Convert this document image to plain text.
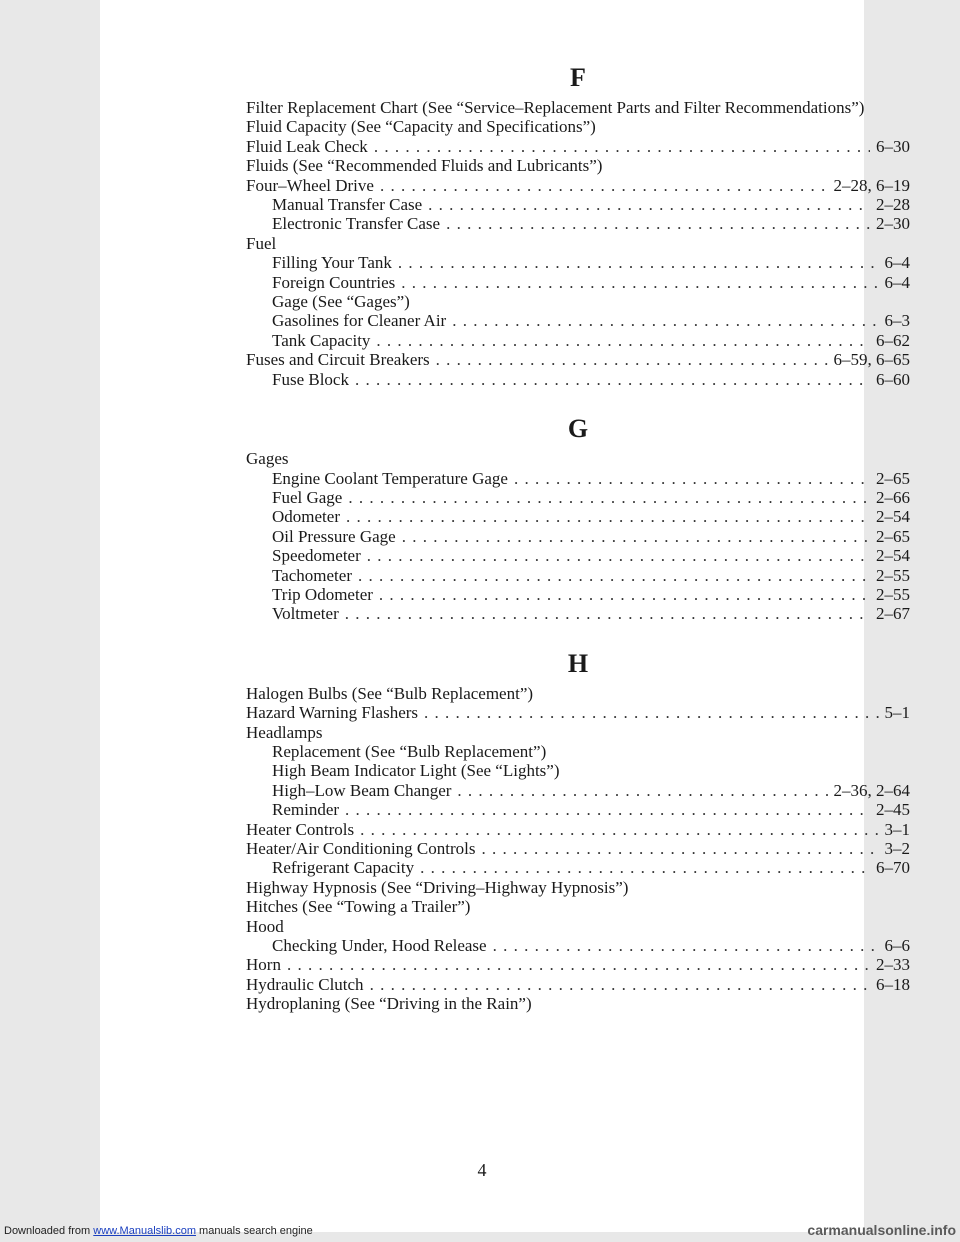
F
Filter Replacement Chart (See “Service–Replacement Parts and Filter Recommendations”)
Fluid Capacity (See “Capacity and Specifications”)
Fluid Leak Check . . .	6–30
Fluids (See “Recommended Fluids and Lubricants”)
Four–Wheel Drive . . .	2–28, 6–19
Manual Transfer Case . . .	2–28
Electronic Transfer Case . . .	2–30
Fuel
Filling Your Tank . . .	6–4
Foreign Countries . . .	6–4
Gage (See “Gages”)
Gasolines for Cleaner Air . . .	6–3
Tank Capacity . . .	6–62
Fuses and Circuit Breakers . . .	6–59, 6–65
Fuse Block . . .	6–60
G
Gages
Engine Coolant Temperature Gage . . .	2–65
Fuel Gage . . .	2–66
Odometer . . .	2–54
Oil Pressure Gage . . .	2–65
Speedometer . . .	2–54
Tachometer . . .	2–55
Trip Odometer . . .	2–55
Voltmeter . . .	2–67
H
Halogen Bulbs (See “Bulb Replacement”)
Hazard Warning Flashers . . .	5–1
Headlamps
Replacement (See “Bulb Replacement”)
High Beam Indicator Light (See “Lights”)
High–Low Beam Changer . . .	2–36, 2–64
Reminder . . .	2–45
Heater Controls . . .	3–1
Heater/Air Conditioning Controls . . .	3–2
Refrigerant Capacity . . .	6–70
Highway Hypnosis (See “Driving–Highway Hypnosis”)
Hitches (See “Towing a Trailer”)
Hood
Checking Under, Hood Release . . .	6–6
Horn . . .	2–33
Hydraulic Clutch . . .	6–18
Hydroplaning (See “Driving in the Rain”)
4
Downloaded from www.Manualslib.com manuals search engine	carmanualsonline.info
